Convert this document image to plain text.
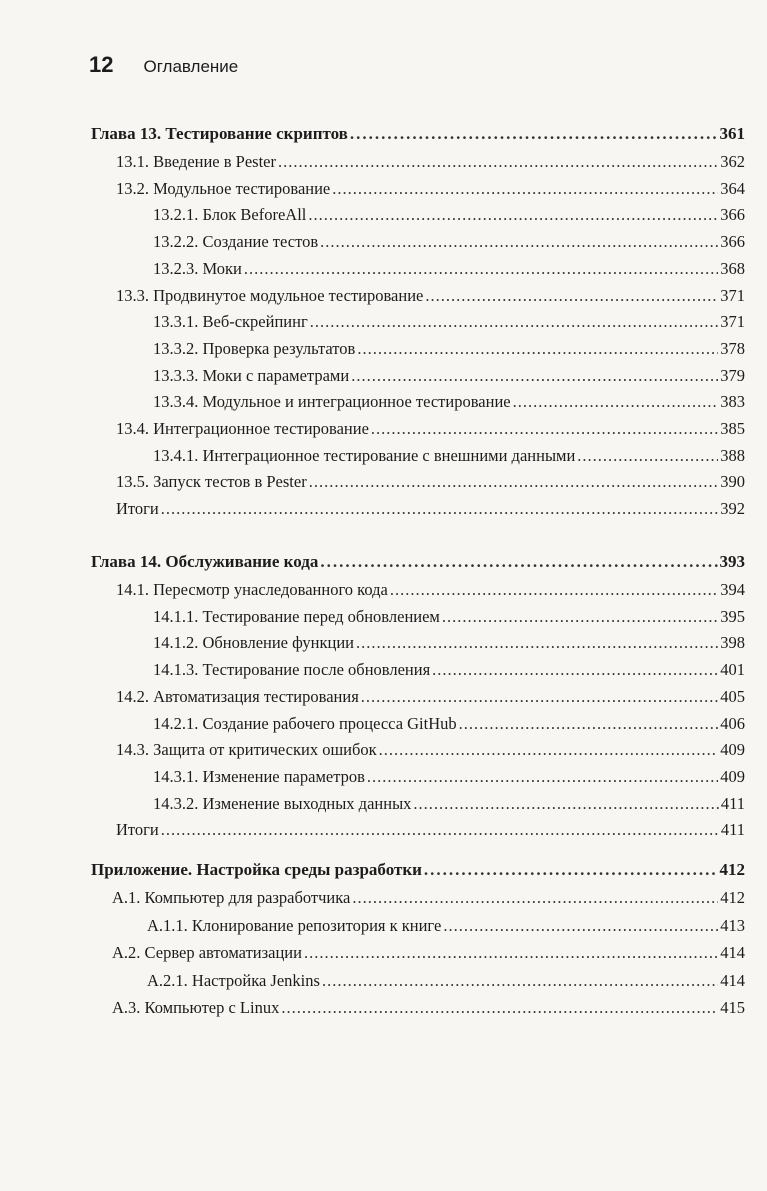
12 Оглавление
Глава 13. Тестирование скриптов .....	361
13.1. Введение в Pester .....	362
13.2. Модульное тестирование .....	364
13.2.1. Блок BeforeAll .....	366
13.2.2. Создание тестов .....	366
13.2.3. Моки .....	368
13.3. Продвинутое модульное тестирование .....	371
13.3.1. Веб-скрейпинг .....	371
13.3.2. Проверка результатов .....	378
13.3.3. Моки с параметрами .....	379
13.3.4. Модульное и интеграционное тестирование .....	383
13.4. Интеграционное тестирование .....	385
13.4.1. Интеграционное тестирование с внешними данными .....	388
13.5. Запуск тестов в Pester .....	390
Итоги .....	392
Глава 14. Обслуживание кода .....	393
14.1. Пересмотр унаследованного кода .....	394
14.1.1. Тестирование перед обновлением .....	395
14.1.2. Обновление функции .....	398
14.1.3. Тестирование после обновления .....	401
14.2. Автоматизация тестирования .....	405
14.2.1. Создание рабочего процесса GitHub .....	406
14.3. Защита от критических ошибок .....	409
14.3.1. Изменение параметров .....	409
14.3.2. Изменение выходных данных .....	411
Итоги .....	411
Приложение. Настройка среды разработки .....	412
A.1. Компьютер для разработчика .....	412
A.1.1. Клонирование репозитория к книге .....	413
A.2. Сервер автоматизации .....	414
A.2.1. Настройка Jenkins .....	414
A.3. Компьютер с Linux .....	415
